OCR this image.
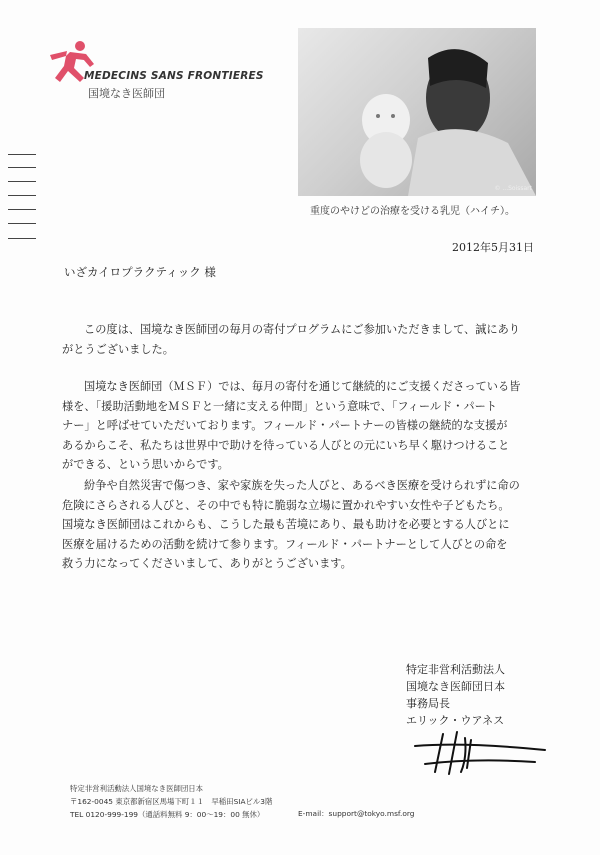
MEDECINS SANS FRONTIERES
国境なき医師団
© ...Soissart
重度のやけどの治療を受ける乳児（ハイチ）。
2012年5月31日
いざカイロプラクティック 様

この度は、国境なき医師団の毎月の寄付プログラムにご参加いただきまして、誠にあり
がとうございました。

国境なき医師団（ＭＳＦ）では、毎月の寄付を通じて継続的にご支援くださっている皆
様を、「援助活動地をＭＳＦと一緒に支える仲間」という意味で、「フィールド・パート
ナー」と呼ばせていただいております。フィールド・パートナーの皆様の継続的な支援が
あるからこそ、私たちは世界中で助けを待っている人びとの元にいち早く駆けつけること
ができる、という思いからです。

紛争や自然災害で傷つき、家や家族を失った人びと、あるべき医療を受けられずに命の
危険にさらされる人びと、その中でも特に脆弱な立場に置かれやすい女性や子どもたち。
国境なき医師団はこれからも、こうした最も苦境にあり、最も助けを必要とする人びとに
医療を届けるための活動を続けて参ります。フィールド・パートナーとして人びとの命を
救う力になってくださいまして、ありがとうございます。

特定非営利活動法人
国境なき医師団日本
事務局長
エリック・ウアネス
特定非営利活動法人国境なき医師団日本
〒162-0045 東京都新宿区馬場下町１１　早稲田SIAビル3階
TEL 0120-999-199（通話料無料 9：00～19：00 無休）	E-mail：support@tokyo.msf.org
